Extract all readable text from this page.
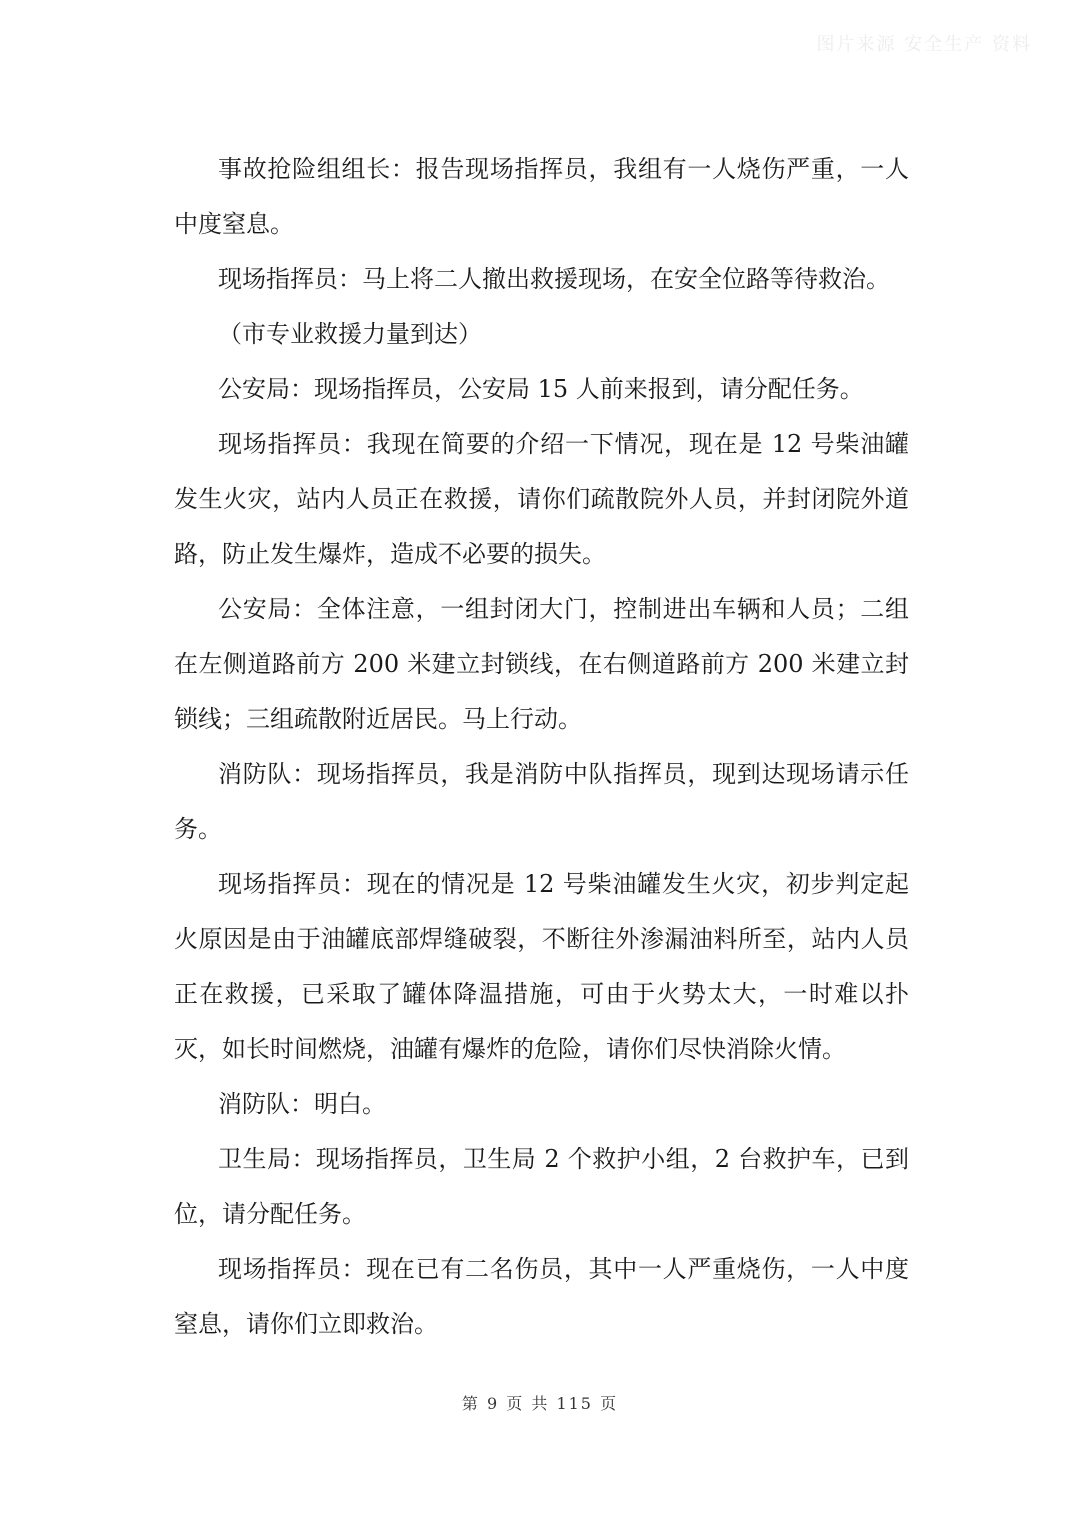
图片来源 安全生产 资料

事故抢险组组长：报告现场指挥员，我组有一人烧伤严重，一人中度窒息。

现场指挥员：马上将二人撤出救援现场，在安全位路等待救治。

（市专业救援力量到达）

公安局：现场指挥员，公安局 15 人前来报到，请分配任务。

现场指挥员：我现在简要的介绍一下情况，现在是 12 号柴油罐发生火灾，站内人员正在救援，请你们疏散院外人员，并封闭院外道路，防止发生爆炸，造成不必要的损失。

公安局：全体注意，一组封闭大门，控制进出车辆和人员；二组在左侧道路前方 200 米建立封锁线，在右侧道路前方 200 米建立封锁线；三组疏散附近居民。马上行动。

消防队：现场指挥员，我是消防中队指挥员，现到达现场请示任务。

现场指挥员：现在的情况是 12 号柴油罐发生火灾，初步判定起火原因是由于油罐底部焊缝破裂，不断往外渗漏油料所至，站内人员正在救援，已采取了罐体降温措施，可由于火势太大，一时难以扑灭，如长时间燃烧，油罐有爆炸的危险，请你们尽快消除火情。

消防队：明白。

卫生局：现场指挥员，卫生局 2 个救护小组，2 台救护车，已到位，请分配任务。

现场指挥员：现在已有二名伤员，其中一人严重烧伤，一人中度窒息，请你们立即救治。

第 9 页 共 115 页
